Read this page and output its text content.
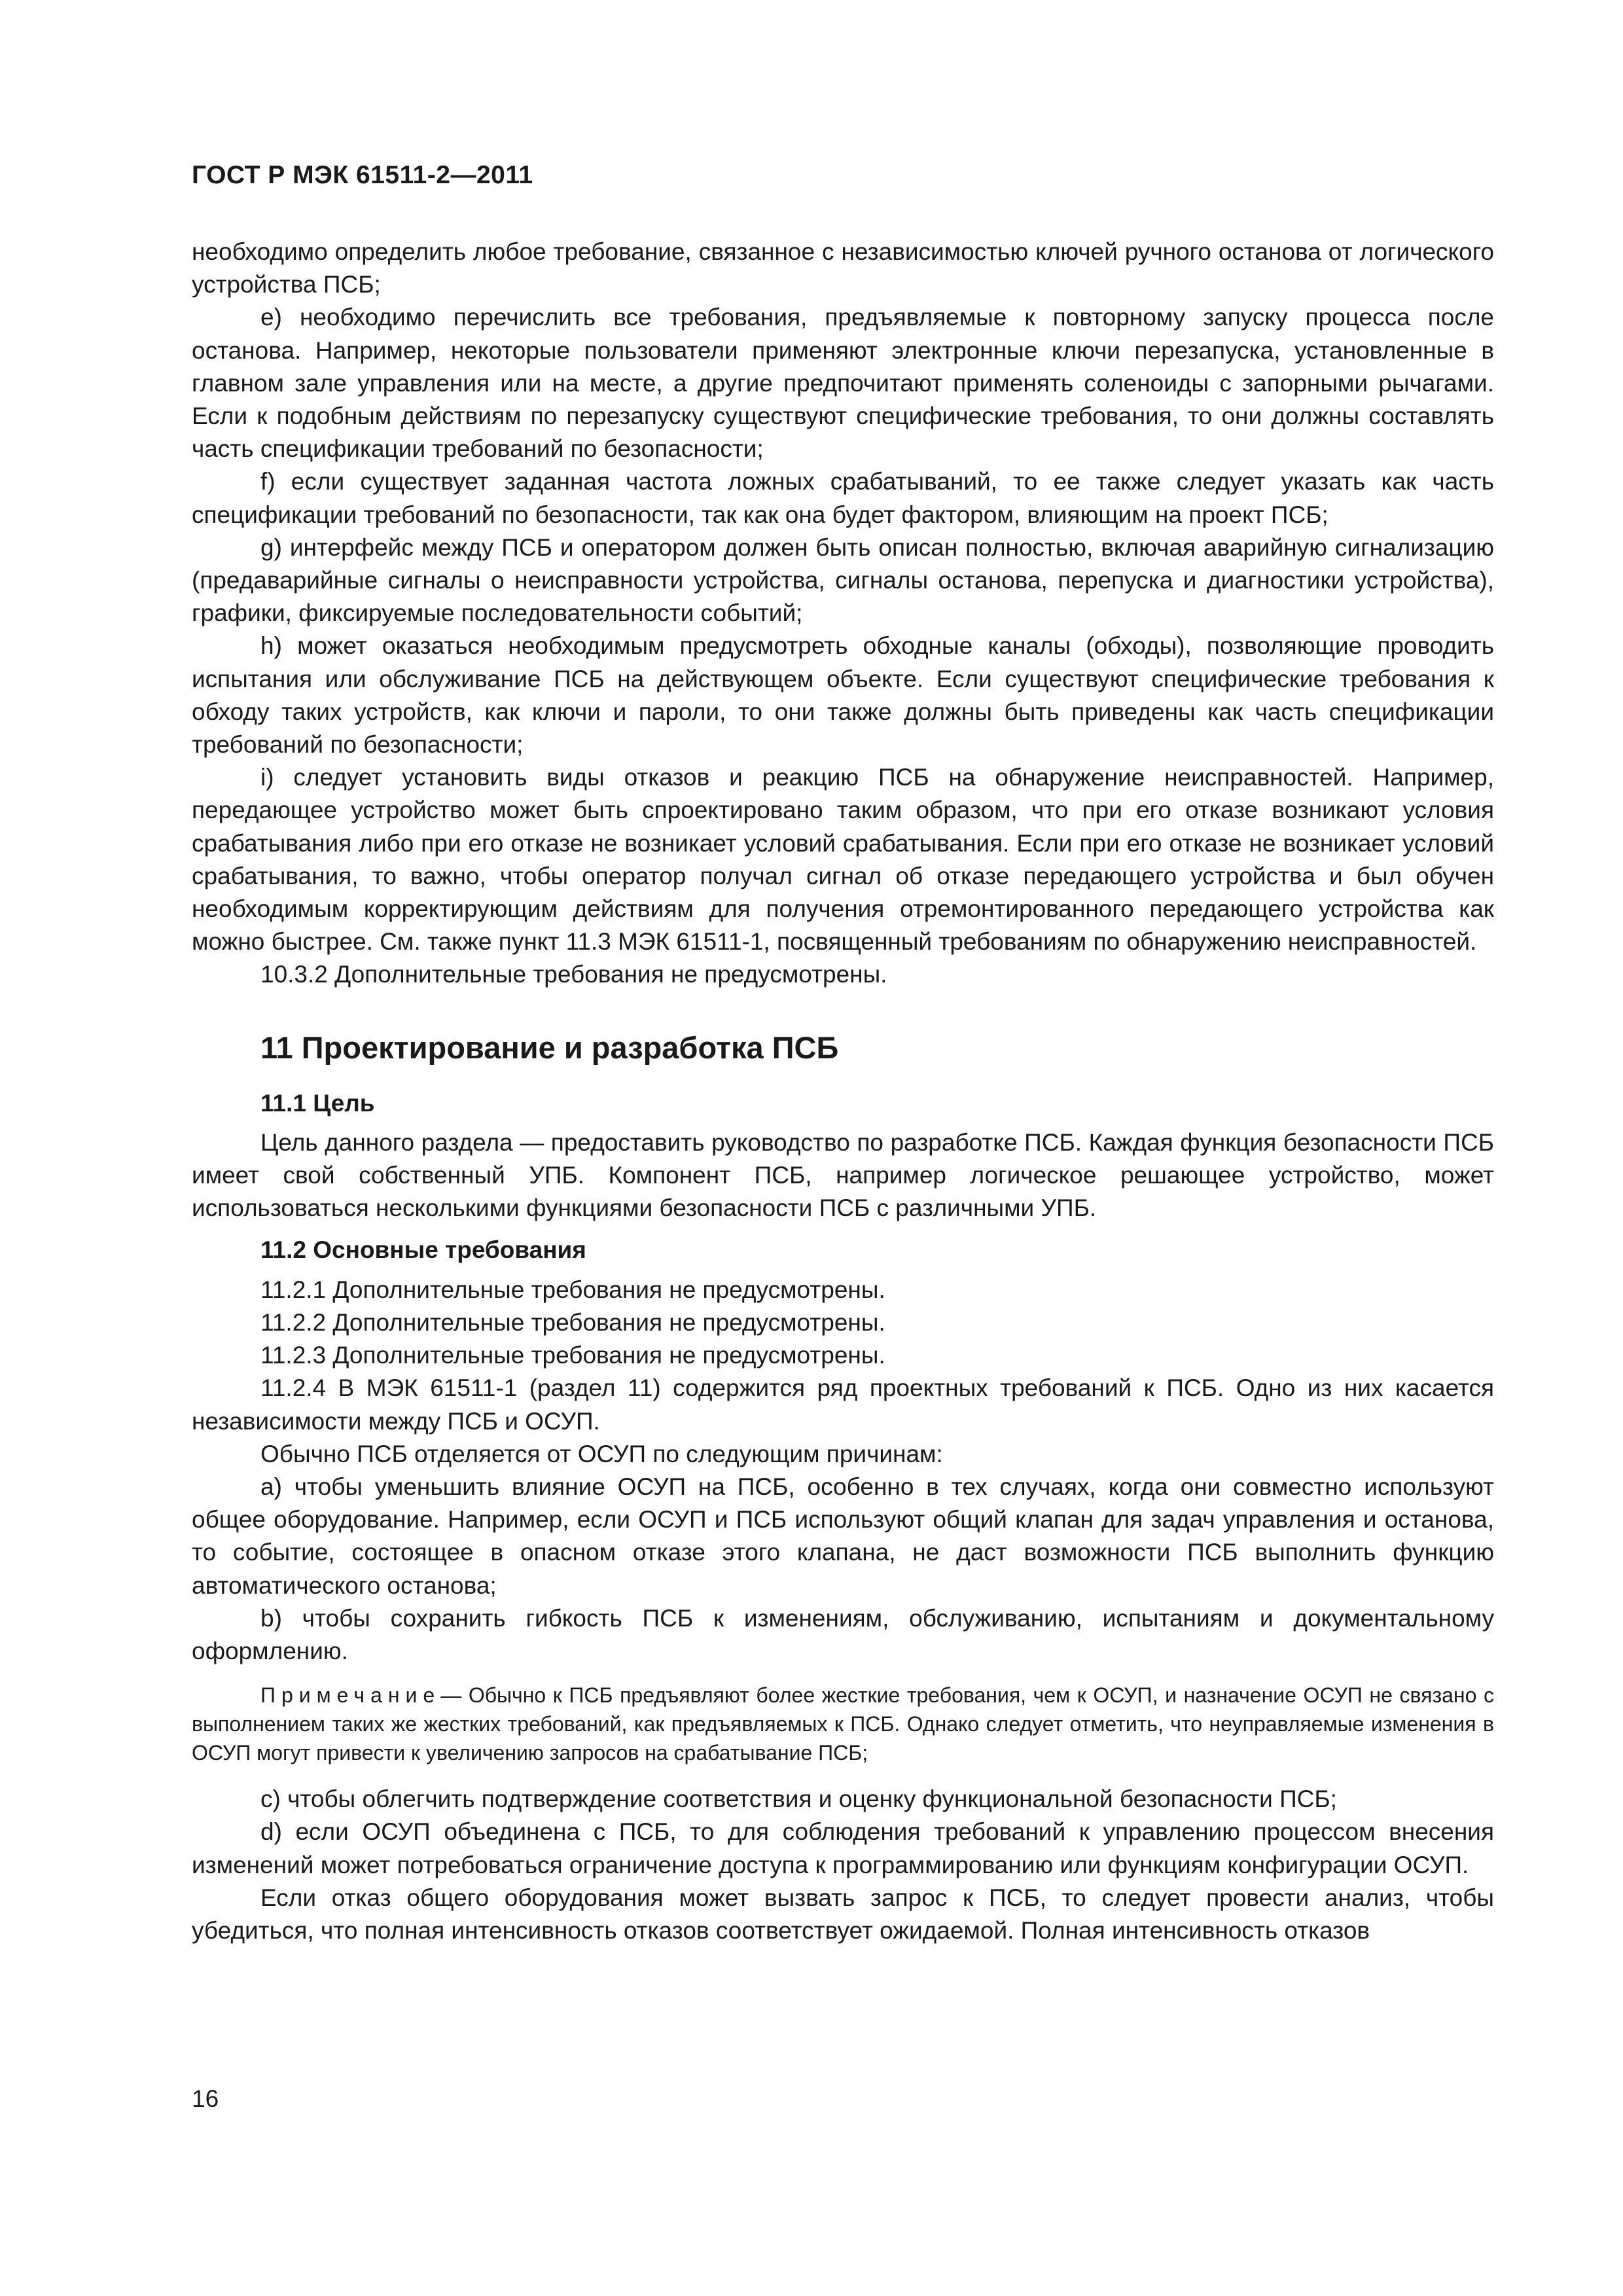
ГОСТ Р МЭК 61511-2—2011

необходимо определить любое требование, связанное с независимостью ключей ручного останова от логического устройства ПСБ;

e) необходимо перечислить все требования, предъявляемые к повторному запуску процесса после останова. Например, некоторые пользователи применяют электронные ключи перезапуска, установленные в главном зале управления или на месте, а другие предпочитают применять соленоиды с запорными рычагами. Если к подобным действиям по перезапуску существуют специфические требования, то они должны составлять часть спецификации требований по безопасности;

f) если существует заданная частота ложных срабатываний, то ее также следует указать как часть спецификации требований по безопасности, так как она будет фактором, влияющим на проект ПСБ;

g) интерфейс между ПСБ и оператором должен быть описан полностью, включая аварийную сигнализацию (предаварийные сигналы о неисправности устройства, сигналы останова, перепуска и диагностики устройства), графики, фиксируемые последовательности событий;

h) может оказаться необходимым предусмотреть обходные каналы (обходы), позволяющие проводить испытания или обслуживание ПСБ на действующем объекте. Если существуют специфические требования к обходу таких устройств, как ключи и пароли, то они также должны быть приведены как часть спецификации требований по безопасности;

i) следует установить виды отказов и реакцию ПСБ на обнаружение неисправностей. Например, передающее устройство может быть спроектировано таким образом, что при его отказе возникают условия срабатывания либо при его отказе не возникает условий срабатывания. Если при его отказе не возникает условий срабатывания, то важно, чтобы оператор получал сигнал об отказе передающего устройства и был обучен необходимым корректирующим действиям для получения отремонтированного передающего устройства как можно быстрее. См. также пункт 11.3 МЭК 61511-1, посвященный требованиям по обнаружению неисправностей.

10.3.2 Дополнительные требования не предусмотрены.

11 Проектирование и разработка ПСБ

11.1 Цель

Цель данного раздела — предоставить руководство по разработке ПСБ. Каждая функция безопасности ПСБ имеет свой собственный УПБ. Компонент ПСБ, например логическое решающее устройство, может использоваться несколькими функциями безопасности ПСБ с различными УПБ.

11.2 Основные требования

11.2.1 Дополнительные требования не предусмотрены.

11.2.2 Дополнительные требования не предусмотрены.

11.2.3 Дополнительные требования не предусмотрены.

11.2.4 В МЭК 61511-1 (раздел 11) содержится ряд проектных требований к ПСБ. Одно из них касается независимости между ПСБ и ОСУП.

Обычно ПСБ отделяется от ОСУП по следующим причинам:

a) чтобы уменьшить влияние ОСУП на ПСБ, особенно в тех случаях, когда они совместно используют общее оборудование. Например, если ОСУП и ПСБ используют общий клапан для задач управления и останова, то событие, состоящее в опасном отказе этого клапана, не даст возможности ПСБ выполнить функцию автоматического останова;

b) чтобы сохранить гибкость ПСБ к изменениям, обслуживанию, испытаниям и документальному оформлению.

Примечание— Обычно к ПСБ предъявляют более жесткие требования, чем к ОСУП, и назначение ОСУП не связано с выполнением таких же жестких требований, как предъявляемых к ПСБ. Однако следует отметить, что неуправляемые изменения в ОСУП могут привести к увеличению запросов на срабатывание ПСБ;

c) чтобы облегчить подтверждение соответствия и оценку функциональной безопасности ПСБ;

d) если ОСУП объединена с ПСБ, то для соблюдения требований к управлению процессом внесения изменений может потребоваться ограничение доступа к программированию или функциям конфигурации ОСУП.

Если отказ общего оборудования может вызвать запрос к ПСБ, то следует провести анализ, чтобы убедиться, что полная интенсивность отказов соответствует ожидаемой. Полная интенсивность отказов

16
